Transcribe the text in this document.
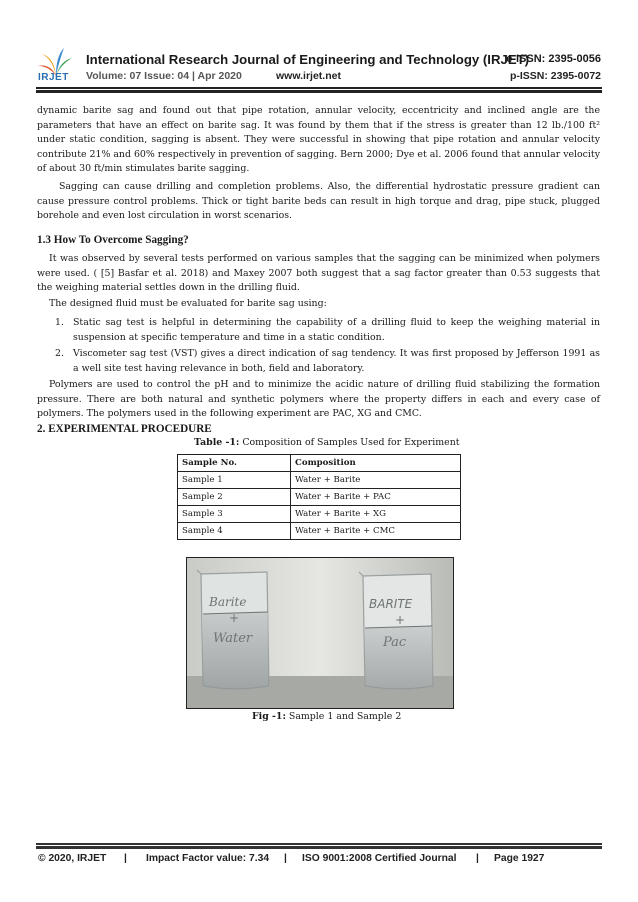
IRJET
International Research Journal of Engineering and Technology (IRJET)
e-ISSN: 2395-0056
Volume: 07 Issue: 04 | Apr 2020	www.irjet.net	p-ISSN: 2395-0072
dynamic barite sag and found out that pipe rotation, annular velocity, eccentricity and inclined angle are the parameters that have an effect on barite sag. It was found by them that if the stress is greater than 12 lb./100 ft² under static condition, sagging is absent. They were successful in showing that pipe rotation and annular velocity contribute 21% and 60% respectively in prevention of sagging. Bern 2000; Dye et al. 2006 found that annular velocity of about 30 ft/min stimulates barite sagging.
Sagging can cause drilling and completion problems. Also, the differential hydrostatic pressure gradient can cause pressure control problems. Thick or tight barite beds can result in high torque and drag, pipe stuck, plugged borehole and even lost circulation in worst scenarios.
1.3 How To Overcome Sagging?
It was observed by several tests performed on various samples that the sagging can be minimized when polymers were used. ( [5] Basfar et al. 2018) and Maxey 2007 both suggest that a sag factor greater than 0.53 suggests that the weighing material settles down in the drilling fluid.
The designed fluid must be evaluated for barite sag using:
1. Static sag test is helpful in determining the capability of a drilling fluid to keep the weighing material in suspension at specific temperature and time in a static condition.
2. Viscometer sag test (VST) gives a direct indication of sag tendency. It was first proposed by Jefferson 1991 as a well site test having relevance in both, field and laboratory.
Polymers are used to control the pH and to minimize the acidic nature of drilling fluid stabilizing the formation pressure. There are both natural and synthetic polymers where the property differs in each and every case of polymers. The polymers used in the following experiment are PAC, XG and CMC.
2. EXPERIMENTAL PROCEDURE
Table -1: Composition of Samples Used for Experiment
Sample No.	Composition
Sample 1	Water + Barite
Sample 2	Water + Barite + PAC
Sample 3	Water + Barite + XG
Sample 4	Water + Barite + CMC
Barite
+
Water
BARITE
+
Pac
Fig -1: Sample 1 and Sample 2
© 2020, IRJET | Impact Factor value: 7.34 | ISO 9001:2008 Certified Journal | Page 1927
